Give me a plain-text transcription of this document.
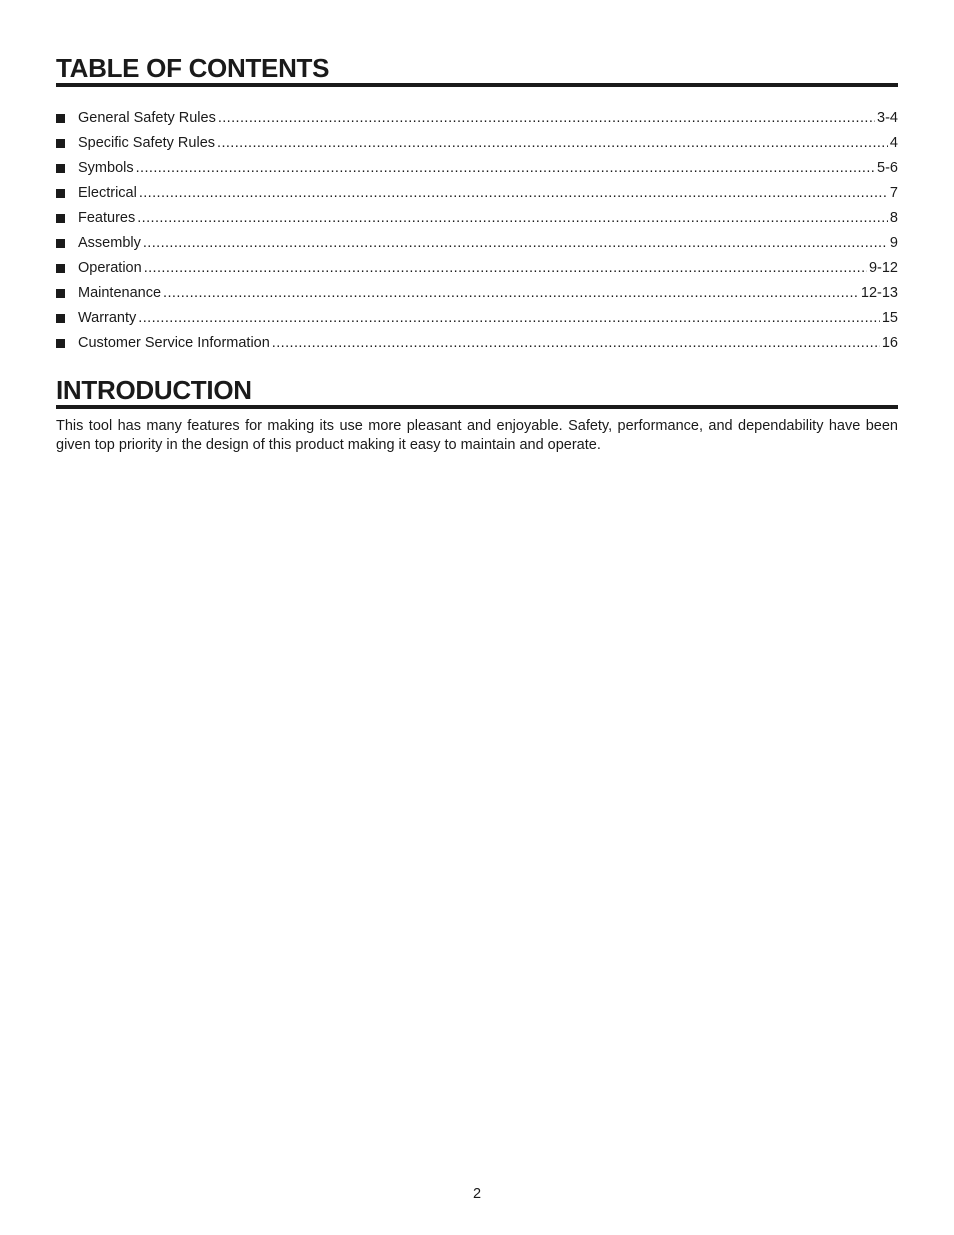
TABLE OF CONTENTS
General Safety Rules .....	3-4
Specific Safety Rules .....	4
Symbols .....	5-6
Electrical .....	7
Features .....	8
Assembly .....	9
Operation .....	9-12
Maintenance .....	12-13
Warranty .....	15
Customer Service Information .....	16
INTRODUCTION

This tool has many features for making its use more pleasant and enjoyable. Safety, performance, and dependability have been given top priority in the design of this product making it easy to maintain and operate.

2
